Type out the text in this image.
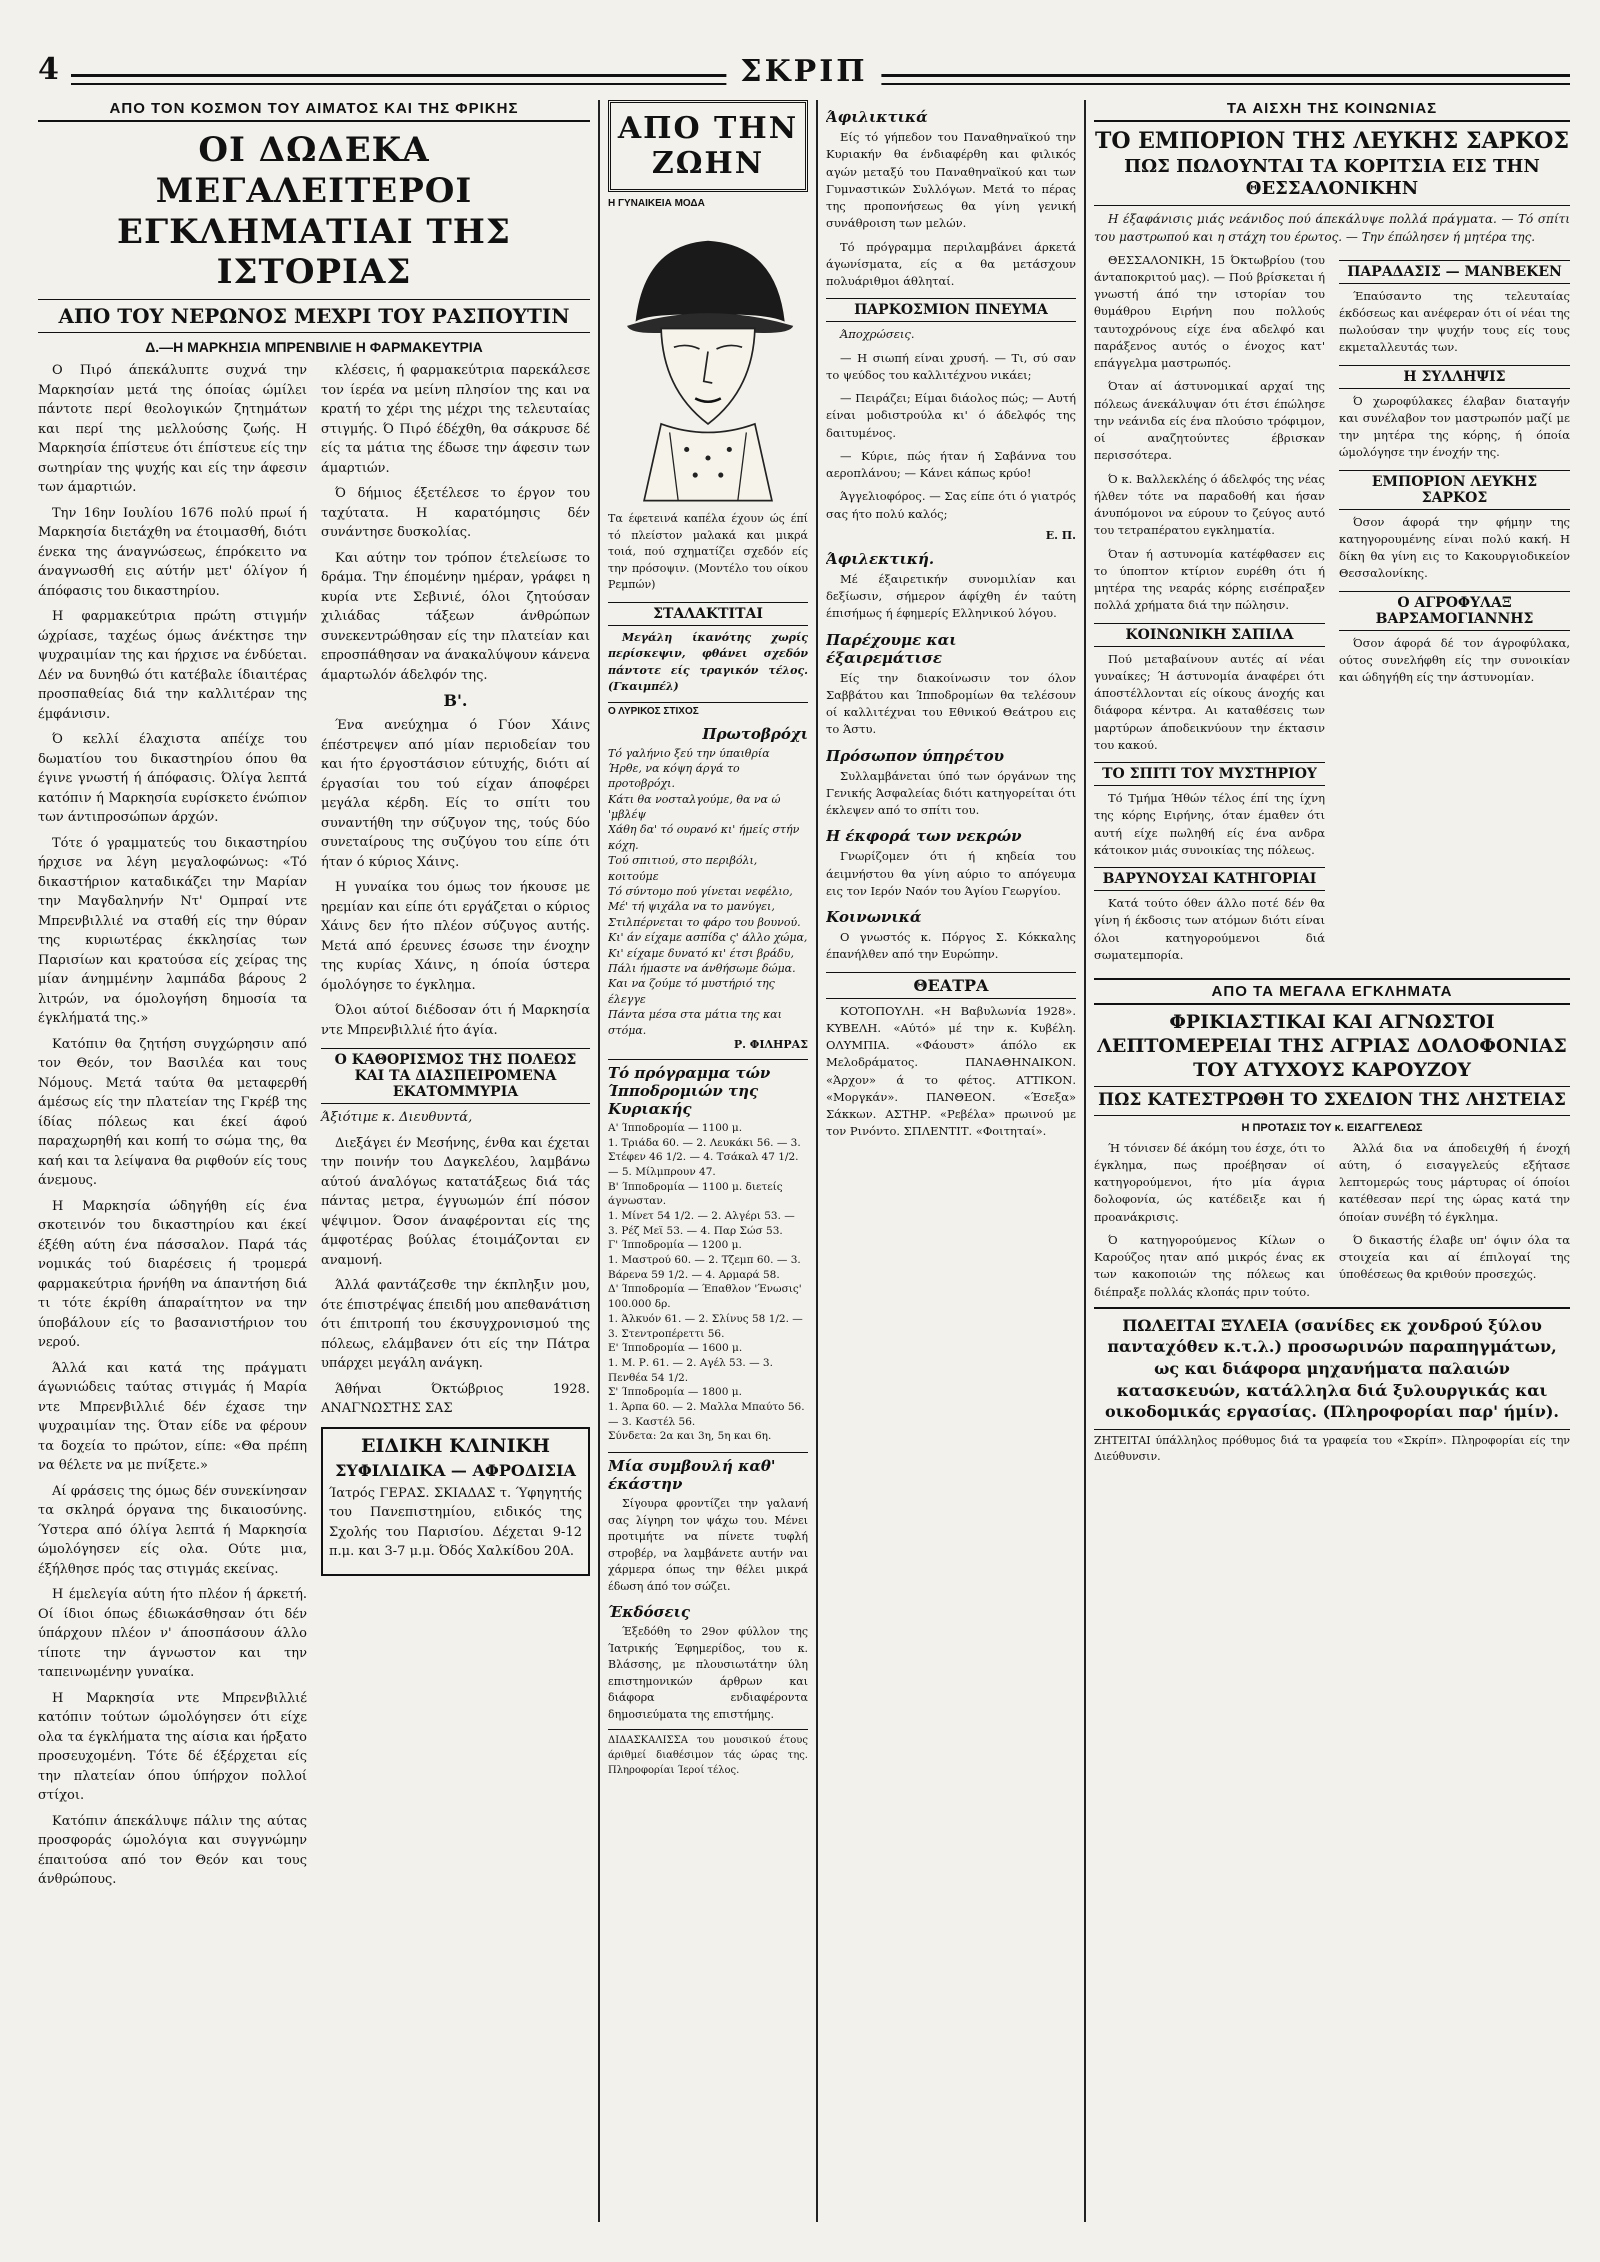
4	ΣΚΡΙΠ
ΑΠΟ ΤΟΝ ΚΟΣΜΟΝ ΤΟΥ ΑΙΜΑΤΟΣ ΚΑΙ ΤΗΣ ΦΡΙΚΗΣ
ΟΙ ΔΩΔΕΚΑ ΜΕΓΑΛΕΙΤΕΡΟΙ ΕΓΚΛΗΜΑΤΙΑΙ ΤΗΣ ΙΣΤΟΡΙΑΣ
ΑΠΟ ΤΟΥ ΝΕΡΩΝΟΣ ΜΕΧΡΙ ΤΟΥ ΡΑΣΠΟΥΤΙΝ
Δ.—Η ΜΑΡΚΗΣΙΑ ΜΠΡΕΝΒΙΛΙΕ Η ΦΑΡΜΑΚΕΥΤΡΙΑ

Ο Πιρό άπεκάλυπτε συχνά την Μαρκησίαν μετά της όποίας ώμίλει πάντοτε περί θεολογικών ζητημάτων και περί της μελλούσης ζωής. Η Μαρκησία έπίστευε ότι έπίστευε είς την σωτηρίαν της ψυχής και είς την άφεσιν των άμαρτιών.

Την 16ην Ιουλίου 1676 πολύ πρωί ή Μαρκησία διετάχθη να έτοιμασθή, διότι ένεκα της άναγνώσεως, έπρόκειτο να άναγνωσθή εις αύτήν μετ' όλίγον ή άπόφασις του δικαστηρίου.

Η φαρμακεύτρια πρώτη στιγμήν ώχρίασε, ταχέως όμως άνέκτησε την ψυχραιμίαν της και ήρχισε να ένδύεται. Δέν να δυνηθώ ότι κατέβαλε ίδιαιτέρας προσπαθείας διά την καλλιτέραν της έμφάνισιν.

Ό κελλί έλαχιστα απέίχε του δωματίου του δικαστηρίου όπου θα έγινε γνωστή ή άπόφασις. Όλίγα λεπτά κατόπιν ή Μαρκησία ευρίσκετο ένώπιον των άντιπροσώπων άρχών.

Τότε ό γραμματεύς του δικαστηρίου ήρχισε να λέγη μεγαλοφώνως: «Τό δικαστήριον καταδικάζει την Μαρίαν την Μαγδαληνήν Ντ' Ομπραί ντε Μπρενβιλλιέ να σταθή είς την θύραν της κυριωτέρας έκκλησίας των Παρισίων και κρατούσα είς χείρας της μίαν άνημμένην λαμπάδα βάρους 2 λιτρών, να όμολογήση δημοσία τα έγκλήματά της.»

Κατόπιν θα ζητήση συγχώρησιν από τον Θεόν, τον Βασιλέα και τους Νόμους. Μετά ταύτα θα μεταφερθή άμέσως είς την πλατείαν της Γκρέβ της ίδίας πόλεως και έκεί άφού παραχωρηθή και κοπή το σώμα της, θα καή και τα λείψανα θα ριφθούν είς τους άνεμους.

Η Μαρκησία ώδηγήθη είς ένα σκοτεινόν του δικαστηρίου και έκεί έξέθη αύτη ένα πάσσαλον. Παρά τάς νομικάς τού διαρέσεις ή τρομερά φαρμακεύτρια ήρνήθη να άπαντήση διά τι τότε έκρίθη άπαραίτητον να την ύποβάλουν είς το βασανιστήριον του νερού.

Άλλά και κατά της πράγματι άγωνιώδεις ταύτας στιγμάς ή Μαρία ντε Μπρενβιλλιέ δέν έχασε την ψυχραιμίαν της. Όταν είδε να φέρουν τα δοχεία το πρώτον, είπε: «Θα πρέπη να θέλετε να με πνίξετε.»

Αί φράσεις της όμως δέν συνεκίνησαν τα σκληρά όργανα της δικαιοσύνης. Ύστερα από όλίγα λεπτά ή Μαρκησία ώμολόγησεν είς ολα. Ούτε μια, έξήλθησε πρός τας στιγμάς εκείνας.

Η έμελεγία αύτη ήτο πλέον ή άρκετή. Οί ίδιοι όπως έδιωκάσθησαν ότι δέν ύπάρχουν πλέον ν' άποσπάσουν άλλο τίποτε την άγνωστον και την ταπεινωμένην γυναίκα.

Η Μαρκησία ντε Μπρενβιλλιέ κατόπιν τούτων ώμολόγησεν ότι είχε ολα τα έγκλήματα της αίσια και ήρξατο προσευχομένη. Τότε δέ έξέρχεται είς την πλατείαν όπου ύπήρχον πολλοί στίχοι.

Κατόπιν άπεκάλυψε πάλιν της αύτας προσφοράς ώμολόγια και συγγνώμην έπαιτούσα από τον Θεόν και τους άνθρώπους.

κλέσεις, ή φαρμακεύτρια παρεκάλεσε τον ίερέα να μείνη πλησίον της και να κρατή το χέρι της μέχρι της τελευταίας στιγμής. Ό Πιρό έδέχθη, θα σάκρυσε δέ είς τα μάτια της έδωσε την άφεσιν των άμαρτιών.

Ό δήμιος έξετέλεσε το έργον του ταχύτατα. Η καρατόμησις δέν συνάντησε δυσκολίας.

Και αύτην τον τρόπον έτελείωσε το δράμα. Την έπομένην ημέραν, γράφει η κυρία ντε Σεβινιέ, όλοι ζητούσαν χιλιάδας τάξεων άνθρώπων συνεκεντρώθησαν είς την πλατείαν και επροσπάθησαν να άνακαλύψουν κάνενα άμαρτωλόν άδελφόν της.

Β'.

Ένα ανεύχημα ό Γύον Χάινς έπέστρεψεν από μίαν περιοδείαν του και ήτο έργοστάσιον εύτυχής, διότι αί έργασίαι του τού είχαν άποφέρει μεγάλα κέρδη. Είς το σπίτι του συναντήθη την σύζυγον της, τούς δύο συνεταίρους της συζύγου του είπε ότι ήταν ό κύριος Χάινς.

Η γυναίκα του όμως τον ήκουσε με ηρεμίαν και είπε ότι εργάζεται ο κύριος Χάινς δεν ήτο πλέον σύζυγος αυτής. Μετά από έρευνες έσωσε την ένοχην της κυρίας Χάινς, η όποία ύστερα όμολόγησε το έγκλημα.

Όλοι αύτοί διέδοσαν ότι ή Μαρκησία ντε Μπρενβιλλιέ ήτο άγία.

Ο ΚΑΘΟΡΙΣΜΟΣ ΤΗΣ ΠΟΛΕΩΣ ΚΑΙ ΤΑ ΔΙΑΣΠΕΙΡΟΜΕΝΑ ΕΚΑΤΟΜΜΥΡΙΑ

Άξιότιμε κ. Διευθυντά,

Διεξάγει έν Μεσήνης, ένθα και έχεται την ποινήν του Δαγκελέου, λαμβάνω αύτού άναλόγως κατατάξεως διά τάς πάντας μετρα, έγγυωμών έπί πόσον ψέψιμον. Όσον άναφέρονται είς της άμφοτέρας βούλας έτοιμάζονται εν αναμονή.

Άλλά φαντάζεσθε την έκπληξιν μου, ότε έπιστρέψας έπειδή μου απεθανάτιση ότι έπιτροπή του έκσυγχρονισμού της πόλεως, ελάμβανεν ότι είς την Πάτρα υπάρχει μεγάλη ανάγκη.

Άθήναι Όκτώβριος 1928. ΑΝΑΓΝΩΣΤΗΣ ΣΑΣ

ΕΙΔΙΚΗ ΚΛΙΝΙΚΗ
ΣΥΦΙΛΙΔΙΚΑ — ΑΦΡΟΔΙΣΙΑ

Ίατρός ΓΕΡΑΣ. ΣΚΙΑΔΑΣ τ. Ύφηγητής του Πανεπιστημίου, ειδικός της Σχολής του Παρισίου. Δέχεται 9-12 π.μ. και 3-7 μ.μ. Όδός Χαλκίδου 20Α.

ΑΠΟ ΤΗΝ ΖΩΗΝ
Η ΓΥΝΑΙΚΕΙΑ ΜΟΔΑ

Τα έφετεινά καπέλα έχουν ώς έπί τό πλείστον μαλακά και μικρά τοιά, πού σχηματίζει σχεδόν είς την πρόσοψιν. (Μοντέλο του οίκου Ρεμπών)

ΣΤΑΛΑΚΤΙΤΑΙ

Μεγάλη ίκανότης χωρίς περίσκεψιν, φθάνει σχεδόν πάντοτε είς τραγικόν τέλος. (Γκαιμπέλ)

Ο ΛΥΡΙΚΟΣ ΣΤΙΧΟΣ
Πρωτοβρόχι
Τό γαλήνιο ξεύ την ύπαιθρία
Ήρθε, να κόψη άργά το προτοβρόχι.
Κάτι θα νοσταλγούμε, θα να ώ 'μβλέψ
Χάθη δα' τό ουρανό κι' ήμείς στήν κόχη.
Τού σπιτιού, στο περιβόλι, κοιτούμε
Τό σύντομο πού γίνεται νεφέλιο,
Μέ' τή ψιχάλα να το μανύγει,
Στιλπέρνεται το φάρο του βουνού.
Κι' άν είχαμε ασπίδα ς' άλλο χώμα,
Κι' είχαμε δυνατό κι' έτσι βράδυ,
Πάλι ήμαστε να άνθήσωμε δώμα.
Και να ζούμε τό μυστήριό της έλεγγε
Πάντα μέσα στα μάτια της και στόμα.
Ρ. ΦΙΛΗΡΑΣ
Τό πρόγραμμα τών Ίπποδρομιών της Κυριακής
Α' Ίπποδρομία — 1100 μ.
1. Τριάδα 60. — 2. Λευκάκι 56. — 3. Στέφεν 46 1/2. — 4. Τσάκαλ 47 1/2. — 5. Μίλμπρουν 47.
Β' Ίπποδρομία — 1100 μ. διετείς άγνωσταν.
1. Μίνετ 54 1/2. — 2. Αλγέρι 53. — 3. Ρέζ Μεϊ 53. — 4. Παρ Σώσ 53.
Γ' Ίπποδρομία — 1200 μ.
1. Μαστρού 60. — 2. Τζεμπ 60. — 3. Βάρενα 59 1/2. — 4. Αρμαρά 58.
Δ' Ίπποδρομία — Έπαθλον 'Ένωσις' 100.000 δρ.
1. Άλκυόν 61. — 2. Σλίνυς 58 1/2. — 3. Στεντροπέρεττι 56.
Ε' Ίπποδρομία — 1600 μ.
1. Μ. Ρ. 61. — 2. Αγέλ 53. — 3. Πενθέα 54 1/2.
Σ' Ίπποδρομία — 1800 μ.
1. Άρπα 60. — 2. Μαλλα Μπαύτο 56. — 3. Καστέλ 56.
Σύνδετα: 2α και 3η, 5η και 6η.
Μία συμβουλή καθ' έκάστην

Σίγουρα φροντίζει την γαλανή σας λίγηρη τον ψάχω του. Μένει προτιμήτε να πίνετε τυφλή στροβέρ, να λαμβάνετε αυτήν ναι χάρμερα όπως την θέλει μικρά έδωση άπό τον σώζει.

Έκδόσεις

Έξεδόθη το 29ον φύλλον της Ίατρικής Έφημερίδος, του κ. Βλάσσης, με πλουσιωτάτην ύλη επιστημονικών άρθρων και διάφορα ενδιαφέροντα δημοσιεύματα της επιστήμης.

ΔΙΔΑΣΚΑΛΙΣΣΑ του μουσικού έτους άριθμεί διαθέσιμον τάς ώρας της. Πληροφορίαι Ίεροί τέλος.

Άφιλικτικά

Είς τό γήπεδον του Παναθηναϊκού την Κυριακήν θα ένδιαφέρθη και φιλικός αγών μεταξύ του Παναθηναϊκού και των Γυμναστικών Συλλόγων. Μετά το πέρας της προπονήσεως θα γίνη γενική συνάθροιση των μελών.

Τό πρόγραμμα περιλαμβάνει άρκετά άγωνίσματα, είς α θα μετάσχουν πολυάριθμοι άθληταί.

ΠΑΡΚΟΣΜΙΟΝ ΠΝΕΥΜΑ

Άποχρώσεις.

— Η σιωπή είναι χρυσή. — Τι, σύ σαν το ψεύδος του καλλιτέχνου νικάει;

— Πειράζει; Είμαι διάολος πώς; — Αυτή είναι μοδιστρούλα κι' ό άδελφός της δαιτυμένος.

— Κύριε, πώς ήταν ή Σαβάννα του αεροπλάνου; — Κάνει κάπως κρύο!

Άγγελιοφόρος. — Σας είπε ότι ό γιατρός σας ήτο πολύ καλός;

Ε. Π.
Άφιλεκτική.

Μέ έξαιρετικήν συνομιλίαν και δεξίωσιν, σήμερον άφίχθη έν ταύτη έπισήμως ή έφημερίς Ελληνικού λόγου.

Παρέχουμε και έξαιρεμάτισε

Είς την διακοίνωσιν τον όλον Σαββάτου και Ίπποδρομίων θα τελέσουν οί καλλιτέχναι του Εθνικού Θεάτρου εις το Άστυ.

Πρόσωπον ύπηρέτου

Συλλαμβάνεται ύπό των όργάνων της Γενικής Άσφαλείας διότι κατηγορείται ότι έκλεψεν από το σπίτι του.

Η έκφορά των νεκρών

Γνωρίζομεν ότι ή κηδεία του άειμνήστου θα γίνη αύριο το απόγευμα εις τον Ιερόν Ναόν του Άγίου Γεωργίου.

Κοινωνικά

Ο γνωστός κ. Πόργος Σ. Κόκκαλης έπανήλθεν από την Ευρώπην.

ΘΕΑΤΡΑ

ΚΟΤΟΠΟΥΛΗ. «Η Βαβυλωνία 1928». ΚΥΒΕΛΗ. «Αύτό» μέ την κ. Κυβέλη. ΟΛΥΜΠΙΑ. «Φάουστ» άπόλο εκ Μελοδράματος. ΠΑΝΑΘΗΝΑΙΚΟΝ. «Άρχον» ά το φέτος. ΑΤΤΙΚΟΝ. «Μοργκάν». ΠΑΝΘΕΟΝ. «Έσεξα» Σάκκων. ΑΣΤΗΡ. «Ρεβέλα» πρωινού με τον Ρινόντο. ΣΠΛΕΝΤΙΤ. «Φοιτηταί».

ΤΑ ΑΙΣΧΗ ΤΗΣ ΚΟΙΝΩΝΙΑΣ
ΤΟ ΕΜΠΟΡΙΟΝ ΤΗΣ ΛΕΥΚΗΣ ΣΑΡΚΟΣ
ΠΩΣ ΠΩΛΟΥΝΤΑΙ ΤΑ ΚΟΡΙΤΣΙΑ ΕΙΣ ΤΗΝ ΘΕΣΣΑΛΟΝΙΚΗΝ

Η έξαφάνισις μιάς νεάνιδος πού άπεκάλυψε πολλά πράγματα. — Τό σπίτι του μαστρωπού και η στάχη του έρωτος. — Την έπώλησεν ή μητέρα της.

ΘΕΣΣΑΛΟΝΙΚΗ, 15 Όκτωβρίου (του άνταποκριτού μας). — Πού βρίσκεται ή γνωστή άπό την ιστορίαν του θυμάθρου Ειρήνη που πολλούς ταυτοχρόνους είχε ένα αδελφό και παράξενος αυτός ο ένοχος κατ' επάγγελμα μαστρωπός.

Όταν αί άστυνομικαί αρχαί της πόλεως άνεκάλυψαν ότι έτσι έπώλησε την νεάνιδα είς ένα πλούσιο τρόφιμον, οί αναζητούντες έβρισκαν περισσότερα.

Ό κ. Βαλλεκλέης ό άδελφός της νέας ήλθεν τότε να παραδοθή και ήσαν άνυπόμονοι να εύρουν το ζεύγος αυτό του τετραπέρατου εγκληματία.

Όταν ή αστυνομία κατέφθασεν εις το ύποπτον κτίριον ευρέθη ότι ή μητέρα της νεαράς κόρης εισέπραξεν πολλά χρήματα διά την πώλησιν.

ΚΟΙΝΩΝΙΚΗ ΣΑΠΙΛΑ

Πού μεταβαίνουν αυτές αί νέαι γυναίκες; Ή άστυνομία άναφέρει ότι άποστέλλονται είς οίκους άνοχής και διάφορα κέντρα. Αι καταθέσεις των μαρτύρων άποδεικνύουν την έκτασιν του κακού.

ΤΟ ΣΠΙΤΙ ΤΟΥ ΜΥΣΤΗΡΙΟΥ

Τό Τμήμα Ήθών τέλος έπί της ίχνη της κόρης Ειρήνης, όταν έμαθεν ότι αυτή είχε πωληθή είς ένα ανδρα κάτοικον μιάς συνοικίας της πόλεως.

ΒΑΡΥΝΟΥΣΑΙ ΚΑΤΗΓΟΡΙΑΙ

Κατά τούτο όθεν άλλο ποτέ δέν θα γίνη ή έκδοσις των ατόμων διότι είναι όλοι κατηγορούμενοι διά σωματεμπορία.

ΠΑΡΑΔΑΣΙΣ — ΜΑΝΒΕΚΕΝ

Έπαύσαντο της τελευταίας έκδόσεως και ανέφεραν ότι οί νέαι της πωλούσαν την ψυχήν τους είς τους εκμεταλλευτάς των.

Η ΣΥΛΛΗΨΙΣ

Ό χωροφύλακες έλαβαν διαταγήν και συνέλαβον τον μαστρωπόν μαζί με την μητέρα της κόρης, ή όποία ώμολόγησε την ένοχήν της.

ΕΜΠΟΡΙΟΝ ΛΕΥΚΗΣ ΣΑΡΚΟΣ

Όσον άφορά την φήμην της κατηγορουμένης είναι πολύ κακή. Η δίκη θα γίνη εις το Κακουργιοδικείον Θεσσαλονίκης.

Ο ΑΓΡΟΦΥΛΑΞ ΒΑΡΣΑΜΟΓΙΑΝΝΗΣ

Όσον άφορά δέ τον άγροφύλακα, ούτος συνελήφθη είς την συνοικίαν και ώδηγήθη είς την άστυνομίαν.

ΑΠΟ ΤΑ ΜΕΓΑΛΑ ΕΓΚΛΗΜΑΤΑ
ΦΡΙΚΙΑΣΤΙΚΑΙ ΚΑΙ ΑΓΝΩΣΤΟΙ ΛΕΠΤΟΜΕΡΕΙΑΙ ΤΗΣ ΑΓΡΙΑΣ ΔΟΛΟΦΟΝΙΑΣ ΤΟΥ ΑΤΥΧΟΥΣ ΚΑΡΟΥΖΟΥ
ΠΩΣ ΚΑΤΕΣΤΡΩΘΗ ΤΟ ΣΧΕΔΙΟΝ ΤΗΣ ΛΗΣΤΕΙΑΣ
Η ΠΡΟΤΑΣΙΣ ΤΟΥ κ. ΕΙΣΑΓΓΕΛΕΩΣ

Ή τόνισεν δέ άκόμη του έσχε, ότι το έγκλημα, πως προέβησαν οί κατηγορούμενοι, ήτο μία άγρια δολοφονία, ώς κατέδειξε και ή προανάκρισις.

Ό κατηγορούμενος Κίλων ο Καρούζος ηταν από μικρός ένας εκ των κακοποιών της πόλεως και διέπραξε πολλάς κλοπάς πριν τούτο.

Άλλά δια να άποδειχθή ή ένοχή αύτη, ό εισαγγελεύς εξήτασε λεπτομερώς τους μάρτυρας οί όποίοι κατέθεσαν περί της ώρας κατά την όποίαν συνέβη τό έγκλημα.

Ό δικαστής έλαβε υπ' όψιν όλα τα στοιχεία και αί έπιλογαί της ύποθέσεως θα κριθούν προσεχώς.

ΠΩΛΕΙΤΑΙ ΞΥΛΕΙΑ (σανίδες εκ χονδρού ξύλου πανταχόθεν κ.τ.λ.) προσωρινών παραπηγμάτων, ως και διάφορα μηχανήματα παλαιών κατασκευών, κατάλληλα διά ξυλουργικάς και οικοδομικάς εργασίας. (Πληροφορίαι παρ' ήμίν).

ΖΗΤΕΙΤΑΙ ύπάλληλος πρόθυμος διά τα γραφεία του «Σκρίπ». Πληροφορίαι είς την Διεύθυνσιν.
